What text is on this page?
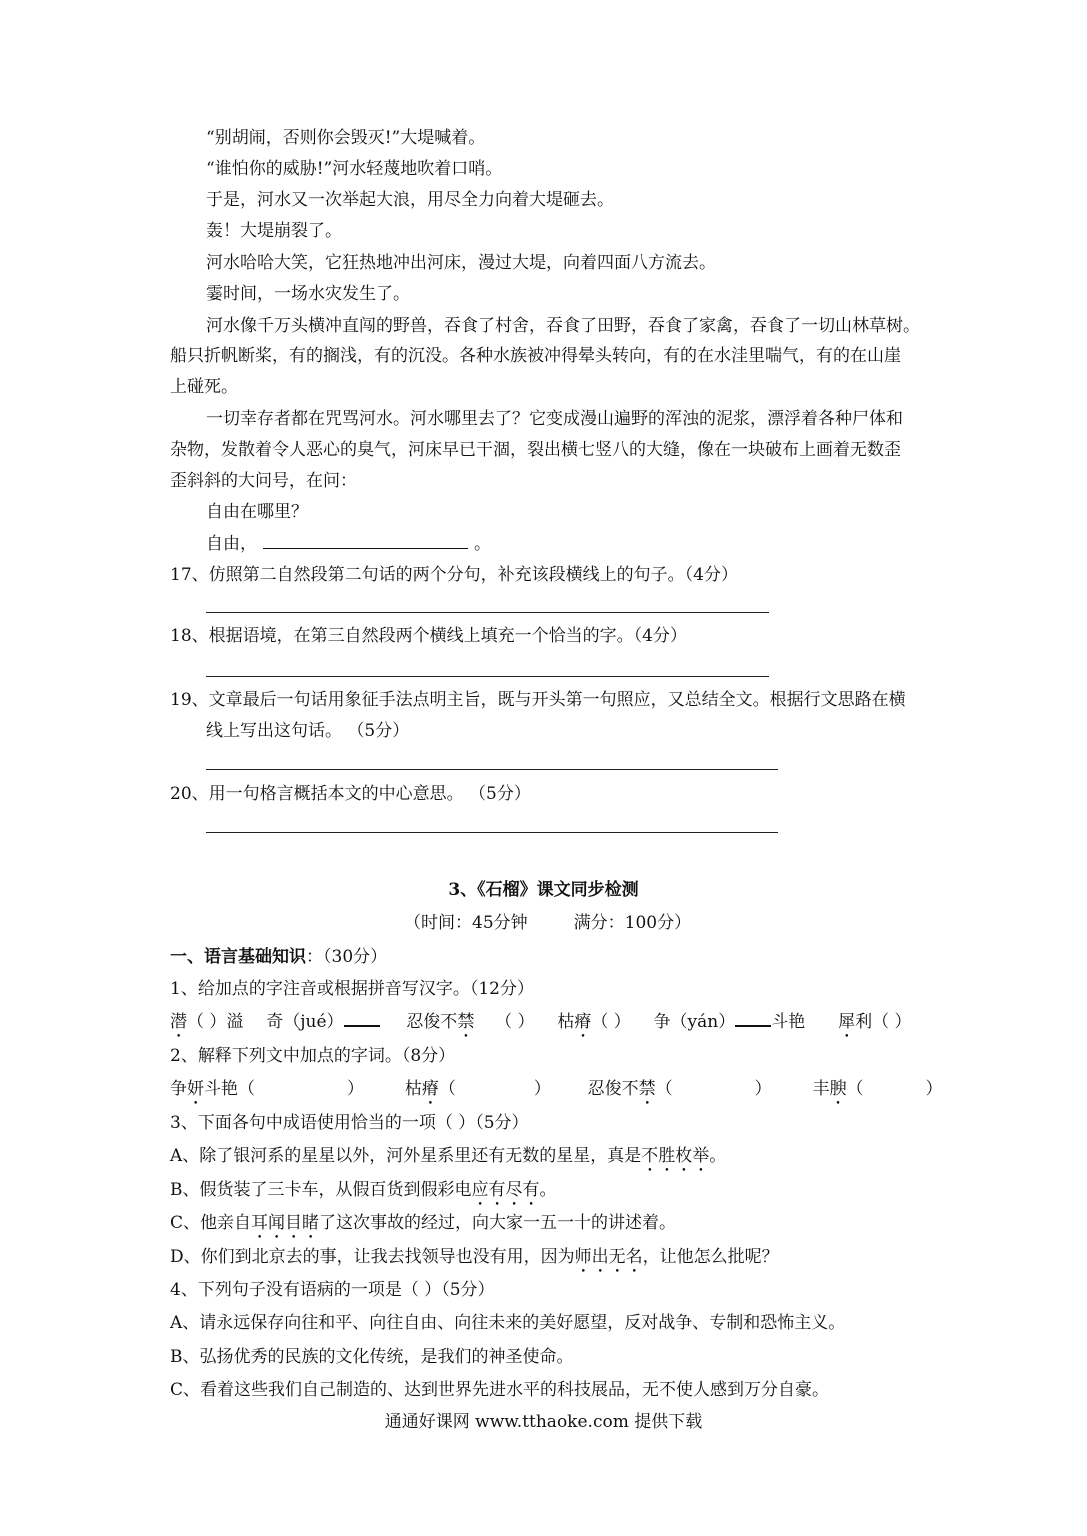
“别胡闹，否则你会毁灭!”大堤喊着。
“谁怕你的威胁!”河水轻蔑地吹着口哨。
于是，河水又一次举起大浪，用尽全力向着大堤砸去。
轰！大堤崩裂了。
河水哈哈大笑，它狂热地冲出河床，漫过大堤，向着四面八方流去。
霎时间，一场水灾发生了。
河水像千万头横冲直闯的野兽，吞食了村舍，吞食了田野，吞食了家禽，吞食了一切山林草树。
船只折帆断桨，有的搁浅，有的沉没。各种水族被冲得晕头转向，有的在水洼里喘气，有的在山崖
上碰死。
一切幸存者都在咒骂河水。河水哪里去了？它变成漫山遍野的浑浊的泥浆，漂浮着各种尸体和
杂物，发散着令人恶心的臭气，河床早已干涸，裂出横七竖八的大缝，像在一块破布上画着无数歪
歪斜斜的大问号，在问：
自由在哪里？
自由，	。
17、仿照第二自然段第二句话的两个分句，补充该段横线上的句子。（4分）
18、根据语境，在第三自然段两个横线上填充一个恰当的字。（4分）
19、文章最后一句话用象征手法点明主旨，既与开头第一句照应，又总结全文。根据行文思路在横
线上写出这句话。 （5分）
20、用一句格言概括本文的中心意思。 （5分）
3、《石榴》课文同步检测
（时间：45分钟	满分：100分）
一、语言基础知识：（30分）
1、给加点的字注音或根据拼音写汉字。（12分）
潜（ ）溢 奇（jué）	忍俊不禁 （ ） 枯瘠（ ） 争（yán） 斗艳 犀利（ ）
2、解释下列文中加点的字词。（8分）
争妍斗艳（	） 枯瘠（	） 忍俊不禁（	） 丰腴（	）
3、下面各句中成语使用恰当的一项（ ）（5分）
A、除了银河系的星星以外，河外星系里还有无数的星星，真是不胜枚举。
B、假货装了三卡车，从假百货到假彩电应有尽有。
C、他亲自耳闻目睹了这次事故的经过，向大家一五一十的讲述着。
D、你们到北京去的事，让我去找领导也没有用，因为师出无名，让他怎么批呢？
4、下列句子没有语病的一项是（ ）（5分）
A、请永远保存向往和平、向往自由、向往未来的美好愿望，反对战争、专制和恐怖主义。
B、弘扬优秀的民族的文化传统，是我们的神圣使命。
C、看着这些我们自己制造的、达到世界先进水平的科技展品，无不使人感到万分自豪。
通通好课网 www.tthaoke.com 提供下载
